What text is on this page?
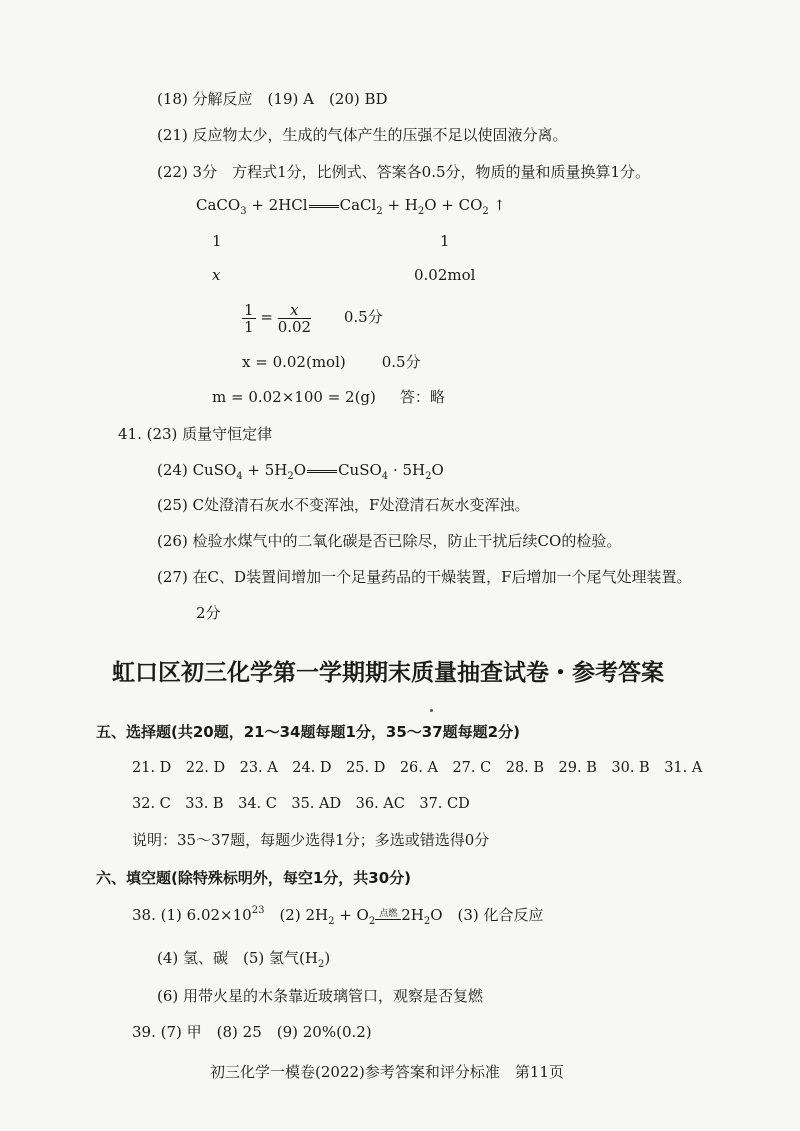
(18) 分解反应　(19) A　(20) BD
(21) 反应物太少，生成的气体产生的压强不足以使固液分离。
(22) 3分　方程式1分，比例式、答案各0.5分，物质的量和质量换算1分。
CaCO$_3$ + 2HCl CaCl$_2$ + $H_2O + CO_2$ ↑
1	1
x	0.02mol
$\frac{1}{1} = \frac{x}{0.02} 0.5$分
x = 0.02(mol) 0.5分
m = 0.02×100 = 2(g) 答：略
41. (23) 质量守恒定律
(24) CuSO$_4$ + $5H_2O$ CuSO$_4$ · $5H_2O$
(25) C处澄清石灰水不变浑浊，F处澄清石灰水变浑浊。
(26) 检验水煤气中的二氧化碳是否已除尽，防止干扰后续CO的检验。
(27) 在C、D装置间增加一个足量药品的干燥装置，F后增加一个尾气处理装置。
2分
虹口区初三化学第一学期期末质量抽查试卷・参考答案
五、选择题(共20题，21～34题每题1分，35～37题每题2分)
21. D　22. D　23. A　24. D　25. D　26. A　27. C　28. B　29. B　30. B　31. A
32. C　33. B　34. C　35. AD　36. AC　37. CD
说明：35～37题，每题少选得1分；多选或错选得0分
六、填空题(除特殊标明外，每空1分，共30分)
38. (1) $6.02\times 10^{23}$　(2) $2H_2 + O_2$
点燃 $2H_2O$　(3) 化合反应
(4) 氢、碳　(5) 氢气$(H_2)$
(6) 用带火星的木条靠近玻璃管口，观察是否复燃
39. (7) 甲　(8) 25　(9) 20%(0.2)
初三化学一模卷(2022)参考答案和评分标准　第11页
